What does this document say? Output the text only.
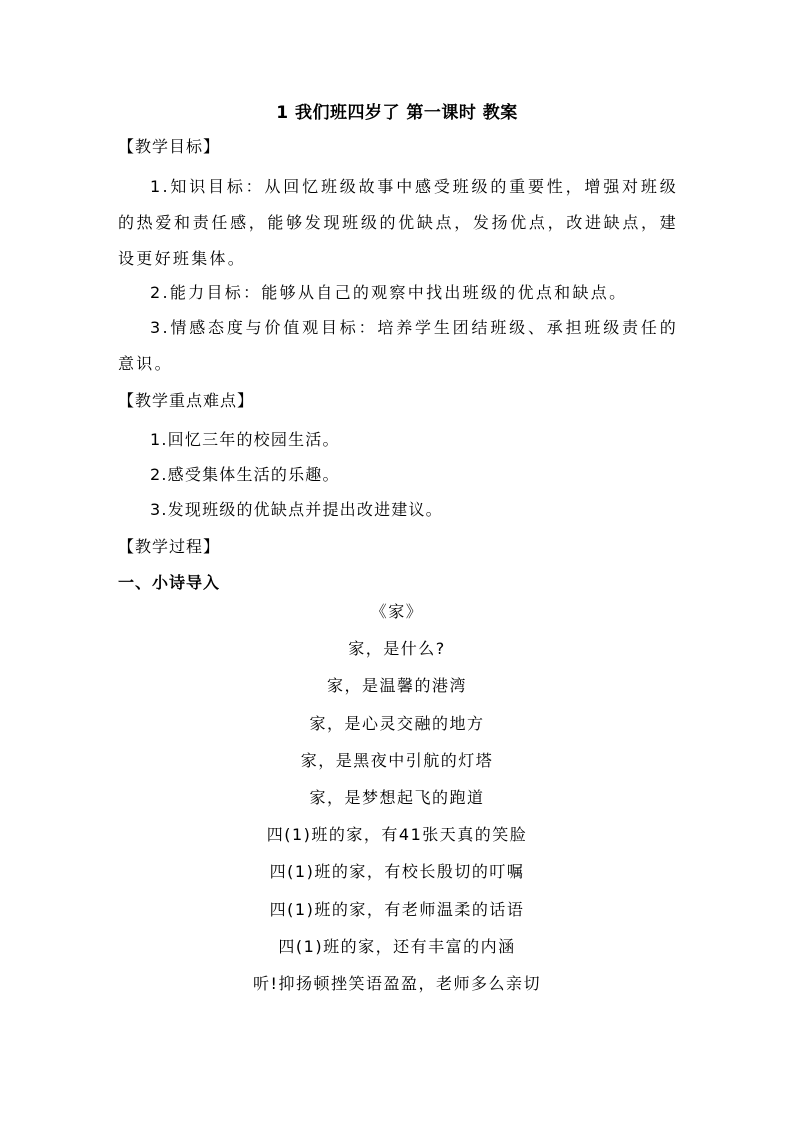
1 我们班四岁了 第一课时 教案
【教学目标】
1.知识目标：从回忆班级故事中感受班级的重要性，增强对班级的热爱和责任感，能够发现班级的优缺点，发扬优点，改进缺点，建设更好班集体。
2.能力目标：能够从自己的观察中找出班级的优点和缺点。
3.情感态度与价值观目标：培养学生团结班级、承担班级责任的意识。
【教学重点难点】
1.回忆三年的校园生活。
2.感受集体生活的乐趣。
3.发现班级的优缺点并提出改进建议。
【教学过程】
一、小诗导入
《家》
家，是什么?
家，是温馨的港湾
家，是心灵交融的地方
家，是黑夜中引航的灯塔
家，是梦想起飞的跑道
四(1)班的家，有41张天真的笑脸
四(1)班的家，有校长殷切的叮嘱
四(1)班的家，有老师温柔的话语
四(1)班的家，还有丰富的内涵
听!抑扬顿挫笑语盈盈，老师多么亲切
